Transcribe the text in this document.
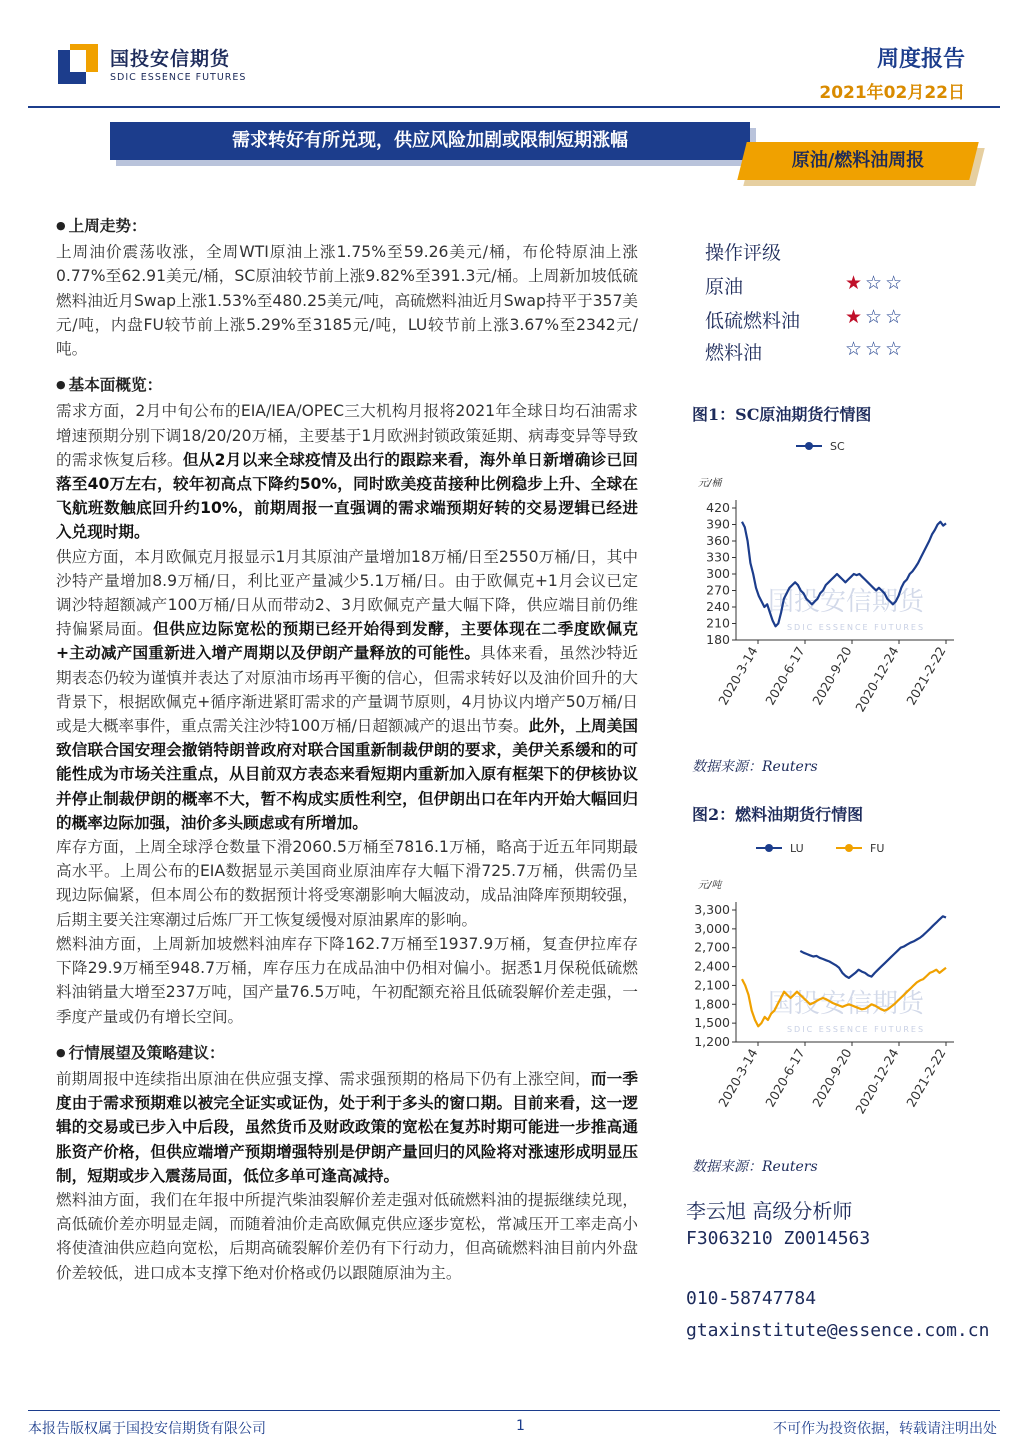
国投安信期货
SDIC ESSENCE FUTURES
周度报告
2021年02月22日
需求转好有所兑现，供应风险加剧或限制短期涨幅
原油/燃料油周报
● 上周走势：

上周油价震荡收涨，全周WTI原油上涨1.75%至59.26美元/桶，布伦特原油上涨0.77%至62.91美元/桶，SC原油较节前上涨9.82%至391.3元/桶。上周新加坡低硫燃料油近月Swap上涨1.53%至480.25美元/吨，高硫燃料油近月Swap持平于357美元/吨，内盘FU较节前上涨5.29%至3185元/吨，LU较节前上涨3.67%至2342元/吨。

● 基本面概览：

需求方面，2月中旬公布的EIA/IEA/OPEC三大机构月报将2021年全球日均石油需求增速预期分别下调18/20/20万桶，主要基于1月欧洲封锁政策延期、病毒变异等导致的需求恢复后移。但从2月以来全球疫情及出行的跟踪来看，海外单日新增确诊已回落至40万左右，较年初高点下降约50%，同时欧美疫苗接种比例稳步上升、全球在飞航班数触底回升约10%，前期周报一直强调的需求端预期好转的交易逻辑已经进入兑现时期。

供应方面，本月欧佩克月报显示1月其原油产量增加18万桶/日至2550万桶/日，其中沙特产量增加8.9万桶/日，利比亚产量减少5.1万桶/日。由于欧佩克+1月会议已定调沙特超额减产100万桶/日从而带动2、3月欧佩克产量大幅下降，供应端目前仍维持偏紧局面。但供应边际宽松的预期已经开始得到发酵，主要体现在二季度欧佩克+主动减产国重新进入增产周期以及伊朗产量释放的可能性。具体来看，虽然沙特近期表态仍较为谨慎并表达了对原油市场再平衡的信心，但需求转好以及油价回升的大背景下，根据欧佩克+循序渐进紧盯需求的产量调节原则，4月协议内增产50万桶/日或是大概率事件，重点需关注沙特100万桶/日超额减产的退出节奏。此外，上周美国致信联合国安理会撤销特朗普政府对联合国重新制裁伊朗的要求，美伊关系缓和的可能性成为市场关注重点，从目前双方表态来看短期内重新加入原有框架下的伊核协议并停止制裁伊朗的概率不大，暂不构成实质性利空，但伊朗出口在年内开始大幅回归的概率边际加强，油价多头顾虑或有所增加。

库存方面，上周全球浮仓数量下滑2060.5万桶至7816.1万桶，略高于近五年同期最高水平。上周公布的EIA数据显示美国商业原油库存大幅下滑725.7万桶，供需仍呈现边际偏紧，但本周公布的数据预计将受寒潮影响大幅波动，成品油降库预期较强，后期主要关注寒潮过后炼厂开工恢复缓慢对原油累库的影响。

燃料油方面，上周新加坡燃料油库存下降162.7万桶至1937.9万桶，复查伊拉库存下降29.9万桶至948.7万桶，库存压力在成品油中仍相对偏小。据悉1月保税低硫燃料油销量大增至237万吨，国产量76.5万吨，午初配额充裕且低硫裂解价差走强，一季度产量或仍有增长空间。

● 行情展望及策略建议：

前期周报中连续指出原油在供应强支撑、需求强预期的格局下仍有上涨空间，而一季度由于需求预期难以被完全证实或证伪，处于利于多头的窗口期。目前来看，这一逻辑的交易或已步入中后段，虽然货币及财政政策的宽松在复苏时期可能进一步推高通胀资产价格，但供应端增产预期增强特别是伊朗产量回归的风险将对涨速形成明显压制，短期或步入震荡局面，低位多单可逢高减持。

燃料油方面，我们在年报中所提汽柴油裂解价差走强对低硫燃料油的提振继续兑现，高低硫价差亦明显走阔，而随着油价走高欧佩克供应逐步宽松，常减压开工率走高小将使渣油供应趋向宽松，后期高硫裂解价差仍有下行动力，但高硫燃料油目前内外盘价差较低，进口成本支撑下绝对价格或仍以跟随原油为主。

操作评级
原油	★☆☆
低硫燃料油 ★☆☆
燃料油	☆☆☆
图1：SC原油期货行情图
SC
元/桶
国投安信期货
SDIC ESSENCE FUTURES
180
210
240
270
300
330
360
390
420
2020-3-14 2020-6-17 2020-9-20
2020-12-24 2021-2-22
数据来源：Reuters
图2：燃料油期货行情图
LU	FU
元/吨
国投安信期货
SDIC ESSENCE FUTURES
1,200
1,500
1,800
2,100
2,400
2,700
3,000
3,300
2020-3-14 2020-6-17 2020-9-20
2020-12-24 2021-2-22
数据来源：Reuters
李云旭 高级分析师
F3063210 Z0014563
010-58747784
gtaxinstitute@essence.com.cn
本报告版权属于国投安信期货有限公司	1	不可作为投资依据，转载请注明出处
